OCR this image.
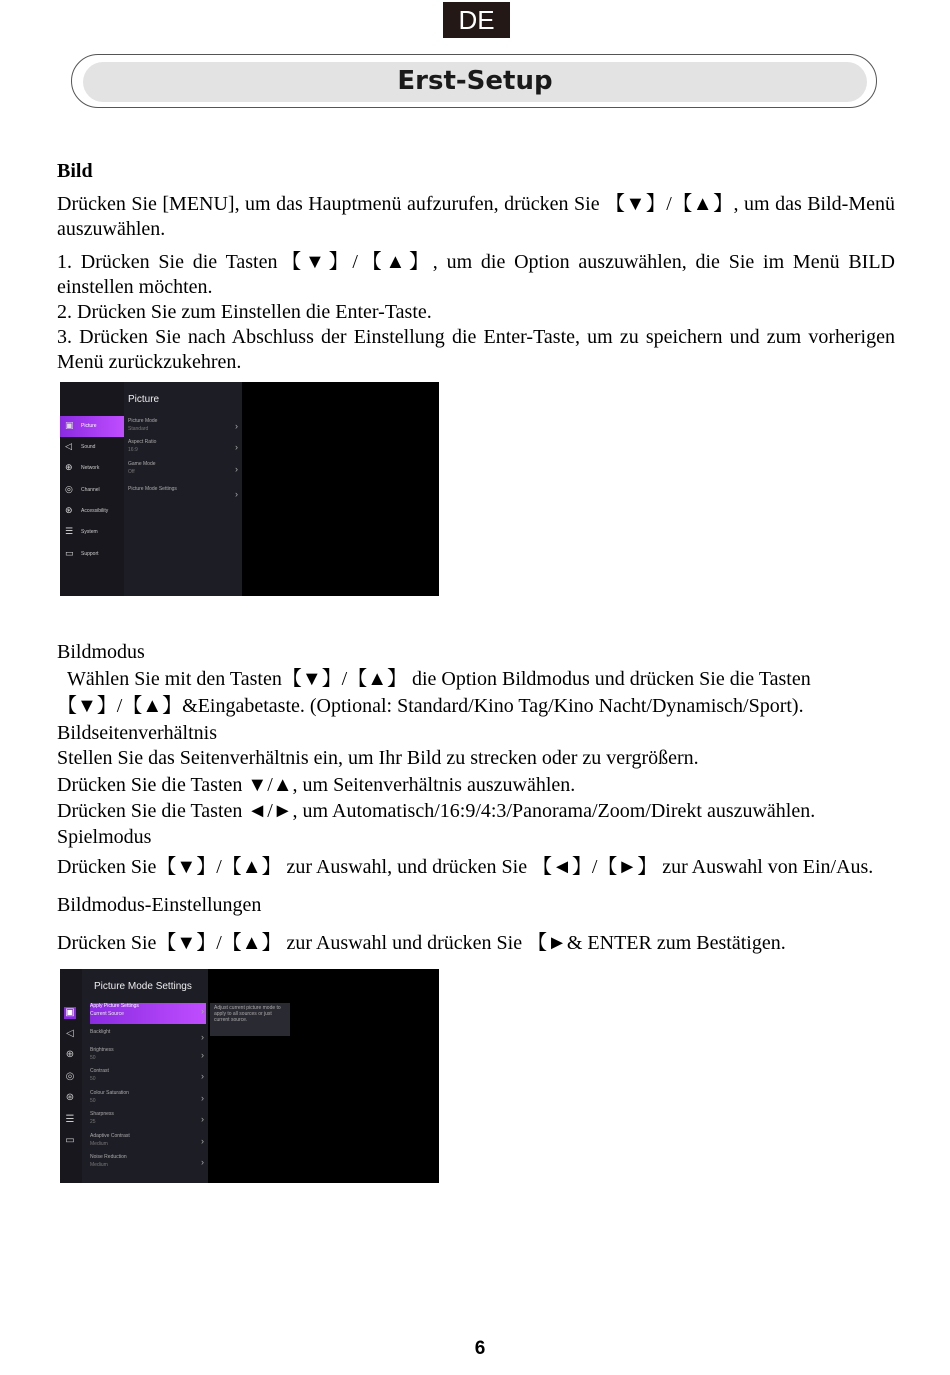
DE
Erst-Setup
Bild
Drücken Sie [MENU], um das Hauptmenü aufzurufen, drücken Sie 【▼】/【▲】, um das Bild-Menü auszuwählen.
1. Drücken Sie die Tasten【▼】/【▲】, um die Option auszuwählen, die Sie im Menü BILD einstellen möchten.
2. Drücken Sie zum Einstellen die Enter-Taste.
3. Drücken Sie nach Abschluss der Einstellung die Enter-Taste, um zu speichern und zum vorherigen Menü zurückzukehren.
Picture
▣ Picture
◁	Sound
⊕ Network
◎ Channel
⊛ Accessibility
☰ System
▭ Support
Picture Mode
Standard	›
Aspect Ratio
16:9	›
Game Mode
Off	›
Picture Mode Settings	›
Bildmodus
Wählen Sie mit den Tasten【▼】/【▲】 die Option Bildmodus und drücken Sie die Tasten
【▼】/【▲】&Eingabetaste. (Optional: Standard/Kino Tag/Kino Nacht/Dynamisch/Sport).
Bildseitenverhältnis
Stellen Sie das Seitenverhältnis ein, um Ihr Bild zu strecken oder zu vergrößern.
Drücken Sie die Tasten ▼/▲, um Seitenverhältnis auszuwählen.
Drücken Sie die Tasten ◄/►, um Automatisch/16:9/4:3/Panorama/Zoom/Direkt auszuwählen.
Spielmodus
Drücken Sie【▼】/【▲】 zur Auswahl, und drücken Sie 【◄】/【►】 zur Auswahl von Ein/Aus.
Bildmodus-Einstellungen
Drücken Sie【▼】/【▲】 zur Auswahl und drücken Sie 【►& ENTER zum Bestätigen.
Picture Mode Settings
▣
◁
⊕
◎
⊛
☰
▭
Apply Picture Settings
Current Source	›
Backlight	›
Brightness
50	›
Contrast
50	›
Colour Saturation
50	›
Sharpness
25	›
Adaptive Contrast
Medium	›
Noise Reduction
Medium	›
Adjust current picture mode to apply to all sources or just current source.
6
